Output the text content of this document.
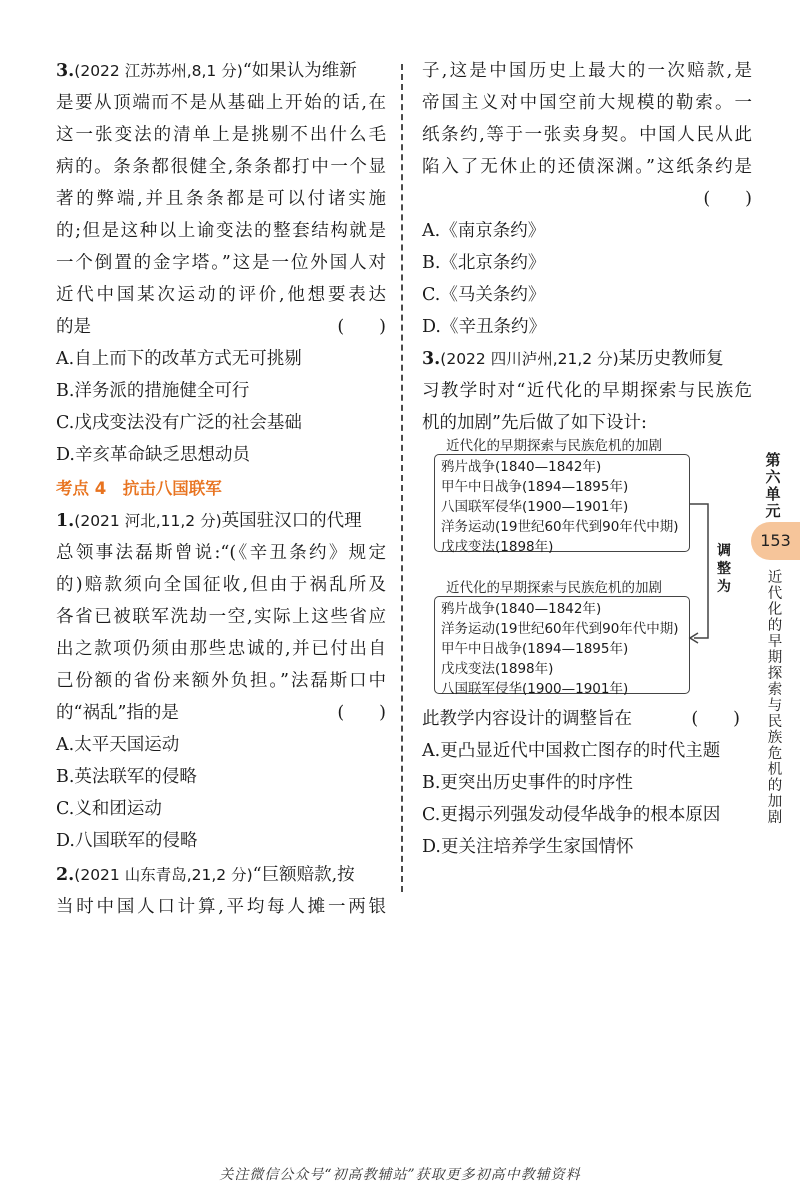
3.(2022 江苏苏州,8,1 分)“如果认为维新
是要从顶端而不是从基础上开始的话,在
这一张变法的清单上是挑剔不出什么毛
病的。条条都很健全,条条都打中一个显
著的弊端,并且条条都是可以付诸实施
的;但是这种以上谕变法的整套结构就是
一个倒置的金字塔。”这是一位外国人对
近代中国某次运动的评价,他想要表达
的是	(　　)
A.自上而下的改革方式无可挑剔
B.洋务派的措施健全可行
C.戊戌变法没有广泛的社会基础
D.辛亥革命缺乏思想动员
考点 4　抗击八国联军
1.(2021 河北,11,2 分)英国驻汉口的代理
总领事法磊斯曾说:“(《辛丑条约》规定
的)赔款须向全国征收,但由于祸乱所及
各省已被联军洗劫一空,实际上这些省应
出之款项仍须由那些忠诚的,并已付出自
己份额的省份来额外负担。”法磊斯口中
的“祸乱”指的是	(　　)
A.太平天国运动
B.英法联军的侵略
C.义和团运动
D.八国联军的侵略
2.(2021 山东青岛,21,2 分)“巨额赔款,按
当时中国人口计算,平均每人摊一两银
子,这是中国历史上最大的一次赔款,是
帝国主义对中国空前大规模的勒索。一
纸条约,等于一张卖身契。中国人民从此
陷入了无休止的还债深渊。”这纸条约是
(　　)
A.《南京条约》
B.《北京条约》
C.《马关条约》
D.《辛丑条约》
3.(2022 四川泸州,21,2 分)某历史教师复
习教学时对“近代化的早期探索与民族危
机的加剧”先后做了如下设计:
近代化的早期探索与民族危机的加剧
鸦片战争(1840—1842年)
甲午中日战争(1894—1895年)
八国联军侵华(1900—1901年)
洋务运动(19世纪60年代到90年代中期)
戊戌变法(1898年)	调
整
为
近代化的早期探索与民族危机的加剧
鸦片战争(1840—1842年)
洋务运动(19世纪60年代到90年代中期)
甲午中日战争(1894—1895年)
戊戌变法(1898年)
八国联军侵华(1900—1901年)
此教学内容设计的调整旨在	(　　)
A.更凸显近代中国救亡图存的时代主题
B.更突出历史事件的时序性
C.更揭示列强发动侵华战争的根本原因
D.更关注培养学生家国情怀
第
六
单
元
153
近代化的早期探索与民族危机的加剧
关注微信公众号“初高教辅站”获取更多初高中教辅资料
